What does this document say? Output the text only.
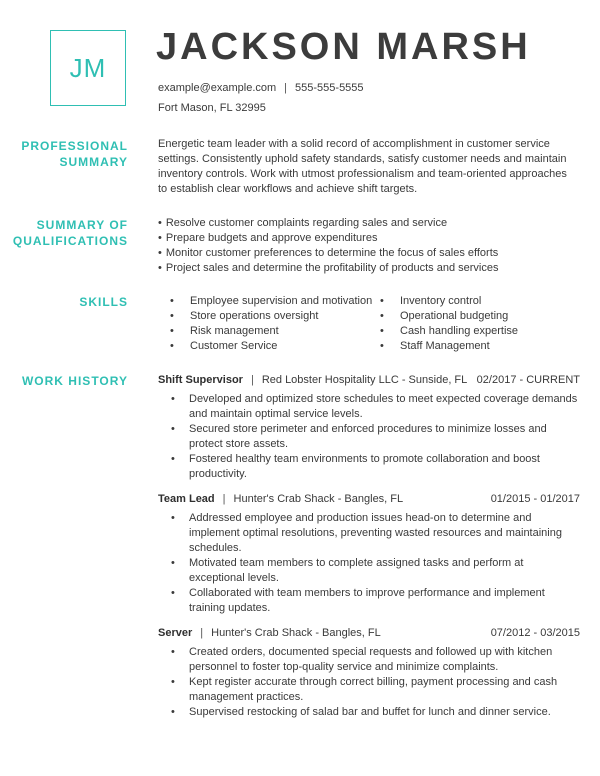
JM JACKSON MARSH
example@example.com | 555-555-5555
Fort Mason, FL 32995
PROFESSIONAL
SUMMARY

Energetic team leader with a solid record of accomplishment in customer service settings. Consistently uphold safety standards, satisfy customer needs and maintain inventory controls. Work with utmost professionalism and team-oriented approaches to establish clear workflows and achieve shift targets.

SUMMARY OF
QUALIFICATIONS
• Resolve customer complaints regarding sales and service
• Prepare budgets and approve expenditures
• Monitor customer preferences to determine the focus of sales efforts
• Project sales and determine the profitability of products and services
SKILLS	• Employee supervision and motivation	• Inventory control
• Store operations oversight	• Operational budgeting
• Risk management	• Cash handling expertise
• Customer Service	• Staff Management
WORK HISTORY	Shift Supervisor | Red Lobster Hospitality LLC - Sunside, FL 02/2017 - CURRENT
• Developed and optimized store schedules to meet expected coverage demands and maintain optimal service levels.
• Secured store perimeter and enforced procedures to minimize losses and protect store assets.
• Fostered healthy team environments to promote collaboration and boost productivity.
Team Lead | Hunter's Crab Shack - Bangles, FL	01/2015 - 01/2017
• Addressed employee and production issues head-on to determine and implement optimal resolutions, preventing wasted resources and maintaining schedules.
• Motivated team members to complete assigned tasks and perform at exceptional levels.
• Collaborated with team members to improve performance and implement training updates.
Server | Hunter's Crab Shack - Bangles, FL	07/2012 - 03/2015
• Created orders, documented special requests and followed up with kitchen personnel to foster top-quality service and minimize complaints.
• Kept register accurate through correct billing, payment processing and cash management practices.
• Supervised restocking of salad bar and buffet for lunch and dinner service.
